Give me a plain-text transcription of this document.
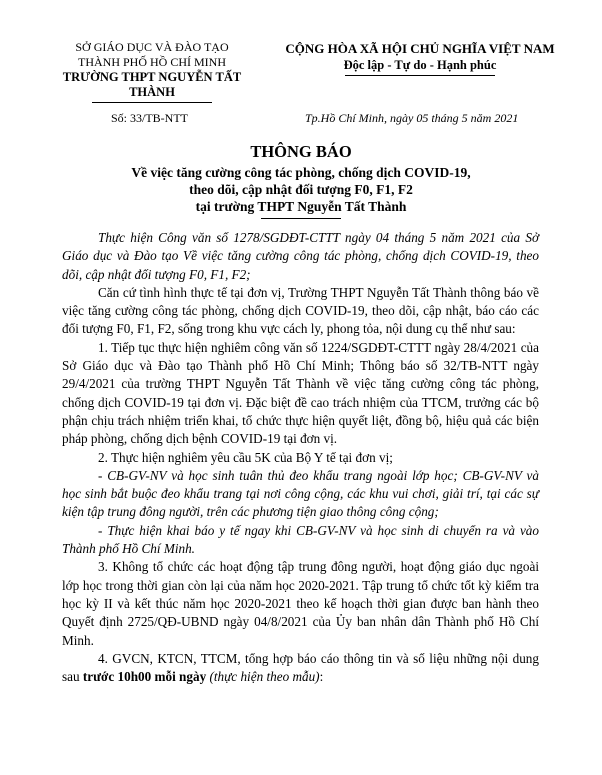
SỞ GIÁO DỤC VÀ ĐÀO TẠO
THÀNH PHỐ HỒ CHÍ MINH
TRƯỜNG THPT NGUYỄN TẤT THÀNH
CỘNG HÒA XÃ HỘI CHỦ NGHĨA VIỆT NAM
Độc lập - Tự do - Hạnh phúc
Số: 33/TB-NTT	Tp.Hồ Chí Minh, ngày 05 tháng 5 năm 2021
THÔNG BÁO
Về việc tăng cường công tác phòng, chống dịch COVID-19,
theo dõi, cập nhật đối tượng F0, F1, F2
tại trường THPT Nguyễn Tất Thành

Thực hiện Công văn số 1278/SGDĐT-CTTT ngày 04 tháng 5 năm 2021 của Sở Giáo dục và Đào tạo Về việc tăng cường công tác phòng, chống dịch COVID-19, theo dõi, cập nhật đối tượng F0, F1, F2;

Căn cứ tình hình thực tế tại đơn vị, Trường THPT Nguyễn Tất Thành thông báo về việc tăng cường công tác phòng, chống dịch COVID-19, theo dõi, cập nhật, báo cáo các đối tượng F0, F1, F2, sống trong khu vực cách ly, phong tỏa, nội dung cụ thể như sau:

1. Tiếp tục thực hiện nghiêm công văn số 1224/SGDĐT-CTTT ngày 28/4/2021 của Sở Giáo dục và Đào tạo Thành phố Hồ Chí Minh; Thông báo số 32/TB-NTT ngày 29/4/2021 của trường THPT Nguyễn Tất Thành về việc tăng cường công tác phòng, chống dịch COVID-19 tại đơn vị. Đặc biệt đề cao trách nhiệm của TTCM, trưởng các bộ phận chịu trách nhiệm triển khai, tổ chức thực hiện quyết liệt, đồng bộ, hiệu quả các biện pháp phòng, chống dịch bệnh COVID-19 tại đơn vị.

2. Thực hiện nghiêm yêu cầu 5K của Bộ Y tế tại đơn vị;

- CB-GV-NV và học sinh tuân thủ đeo khẩu trang ngoài lớp học; CB-GV-NV và học sinh bắt buộc đeo khẩu trang tại nơi công cộng, các khu vui chơi, giải trí, tại các sự kiện tập trung đông người, trên các phương tiện giao thông công cộng;

- Thực hiện khai báo y tế ngay khi CB-GV-NV và học sinh di chuyển ra và vào Thành phố Hồ Chí Minh.

3. Không tổ chức các hoạt động tập trung đông người, hoạt động giáo dục ngoài lớp học trong thời gian còn lại của năm học 2020-2021. Tập trung tổ chức tốt kỳ kiểm tra học kỳ II và kết thúc năm học 2020-2021 theo kế hoạch thời gian được ban hành theo Quyết định 2725/QĐ-UBND ngày 04/8/2021 của Ủy ban nhân dân Thành phố Hồ Chí Minh.

4. GVCN, KTCN, TTCM, tổng hợp báo cáo thông tin và số liệu những nội dung sau trước 10h00 mỗi ngày (thực hiện theo mẫu):
